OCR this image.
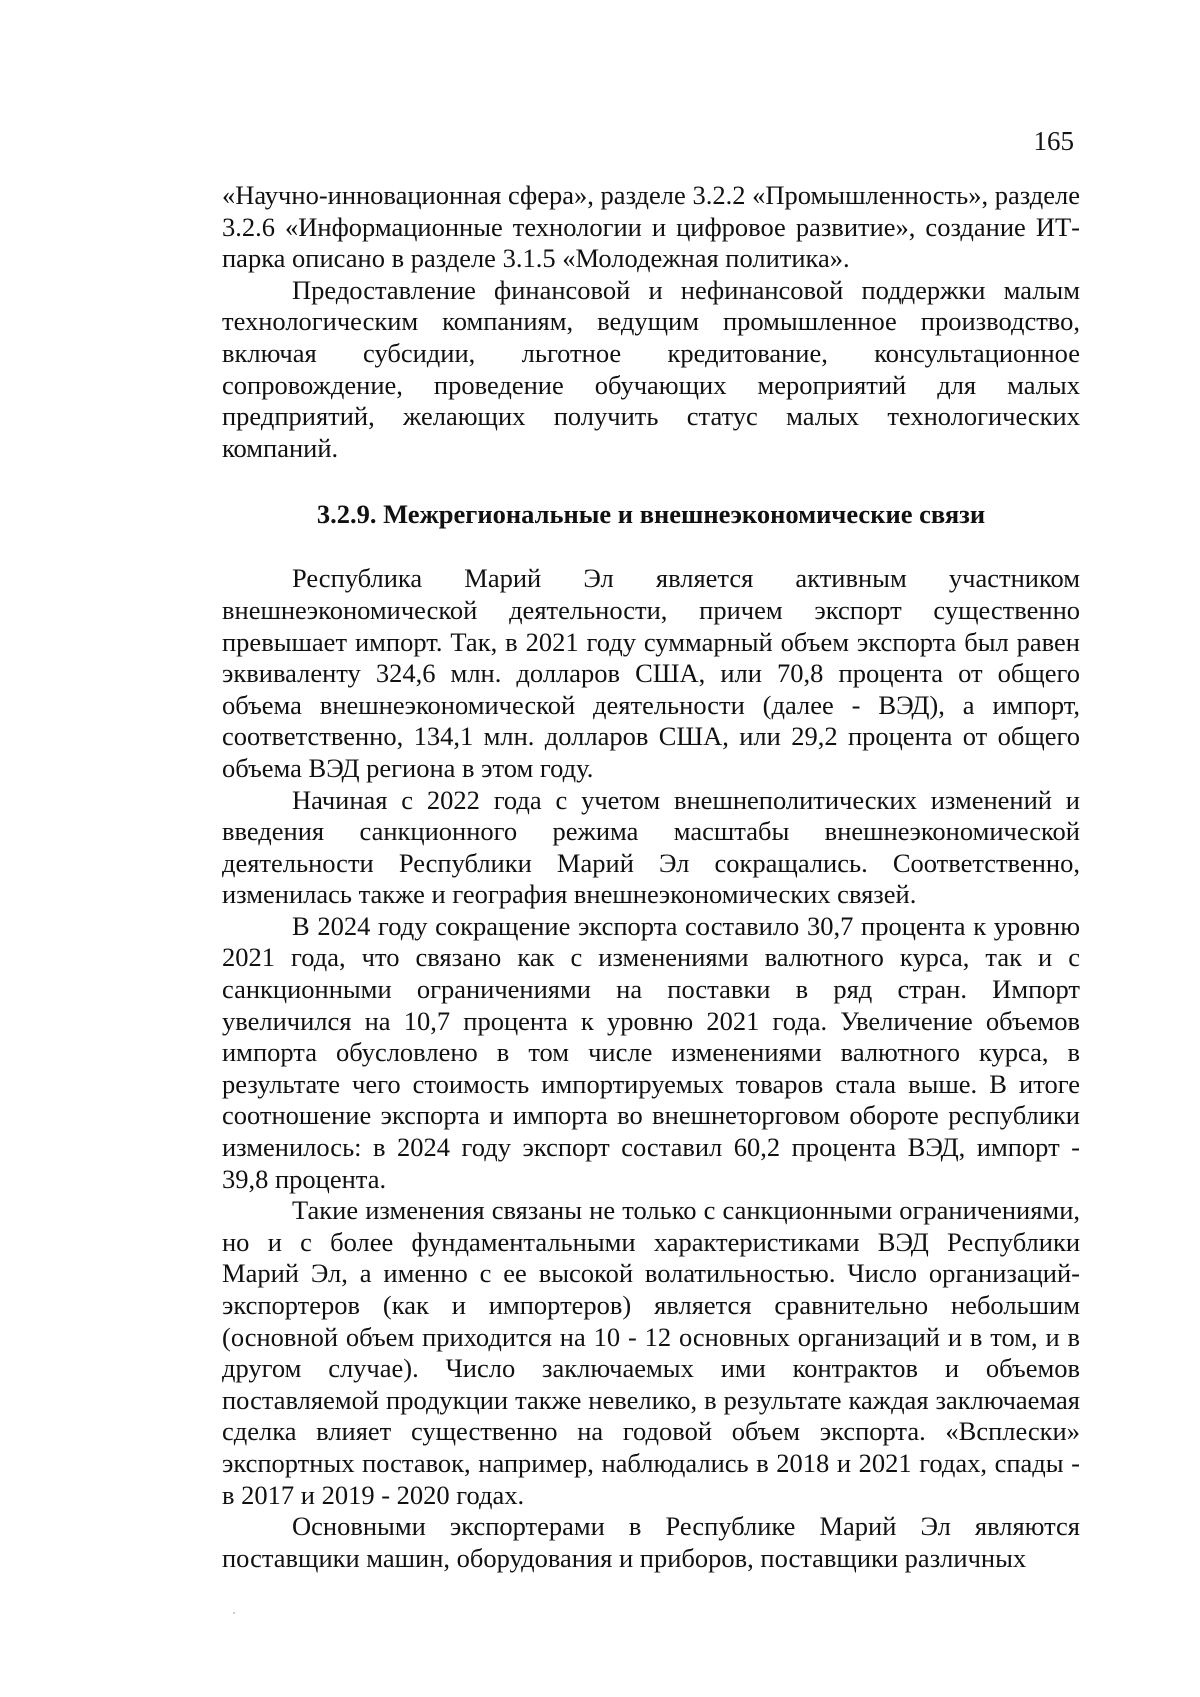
165

«Научно-инновационная сфера», разделе 3.2.2 «Промышленность», разделе 3.2.6 «Информационные технологии и цифровое развитие», создание ИТ-парка описано в разделе 3.1.5 «Молодежная политика».

Предоставление финансовой и нефинансовой поддержки малым технологическим компаниям, ведущим промышленное производство, включая субсидии, льготное кредитование, консультационное сопровождение, проведение обучающих мероприятий для малых предприятий, желающих получить статус малых технологических компаний.

3.2.9. Межрегиональные и внешнеэкономические связи

Республика Марий Эл является активным участником внешнеэкономической деятельности, причем экспорт существенно превышает импорт. Так, в 2021 году суммарный объем экспорта был равен эквиваленту 324,6 млн. долларов США, или 70,8 процента от общего объема внешнеэкономической деятельности (далее - ВЭД), а импорт, соответственно, 134,1 млн. долларов США, или 29,2 процента от общего объема ВЭД региона в этом году.

Начиная с 2022 года с учетом внешнеполитических изменений и введения санкционного режима масштабы внешнеэкономической деятельности Республики Марий Эл сокращались. Соответственно, изменилась также и география внешнеэкономических связей.

В 2024 году сокращение экспорта составило 30,7 процента к уровню 2021 года, что связано как с изменениями валютного курса, так и с санкционными ограничениями на поставки в ряд стран. Импорт увеличился на 10,7 процента к уровню 2021 года. Увеличение объемов импорта обусловлено в том числе изменениями валютного курса, в результате чего стоимость импортируемых товаров стала выше. В итоге соотношение экспорта и импорта во внешнеторговом обороте республики изменилось: в 2024 году экспорт составил 60,2 процента ВЭД, импорт - 39,8 процента.

Такие изменения связаны не только с санкционными ограничениями, но и с более фундаментальными характеристиками ВЭД Республики Марий Эл, а именно с ее высокой волатильностью. Число организаций-экспортеров (как и импортеров) является сравнительно небольшим (основной объем приходится на 10 - 12 основных организаций и в том, и в другом случае). Число заключаемых ими контрактов и объемов поставляемой продукции также невелико, в результате каждая заключаемая сделка влияет существенно на годовой объем экспорта. «Всплески» экспортных поставок, например, наблюдались в 2018 и 2021 годах, спады - в 2017 и 2019 - 2020 годах.

Основными экспортерами в Республике Марий Эл являются поставщики машин, оборудования и приборов, поставщики различных
